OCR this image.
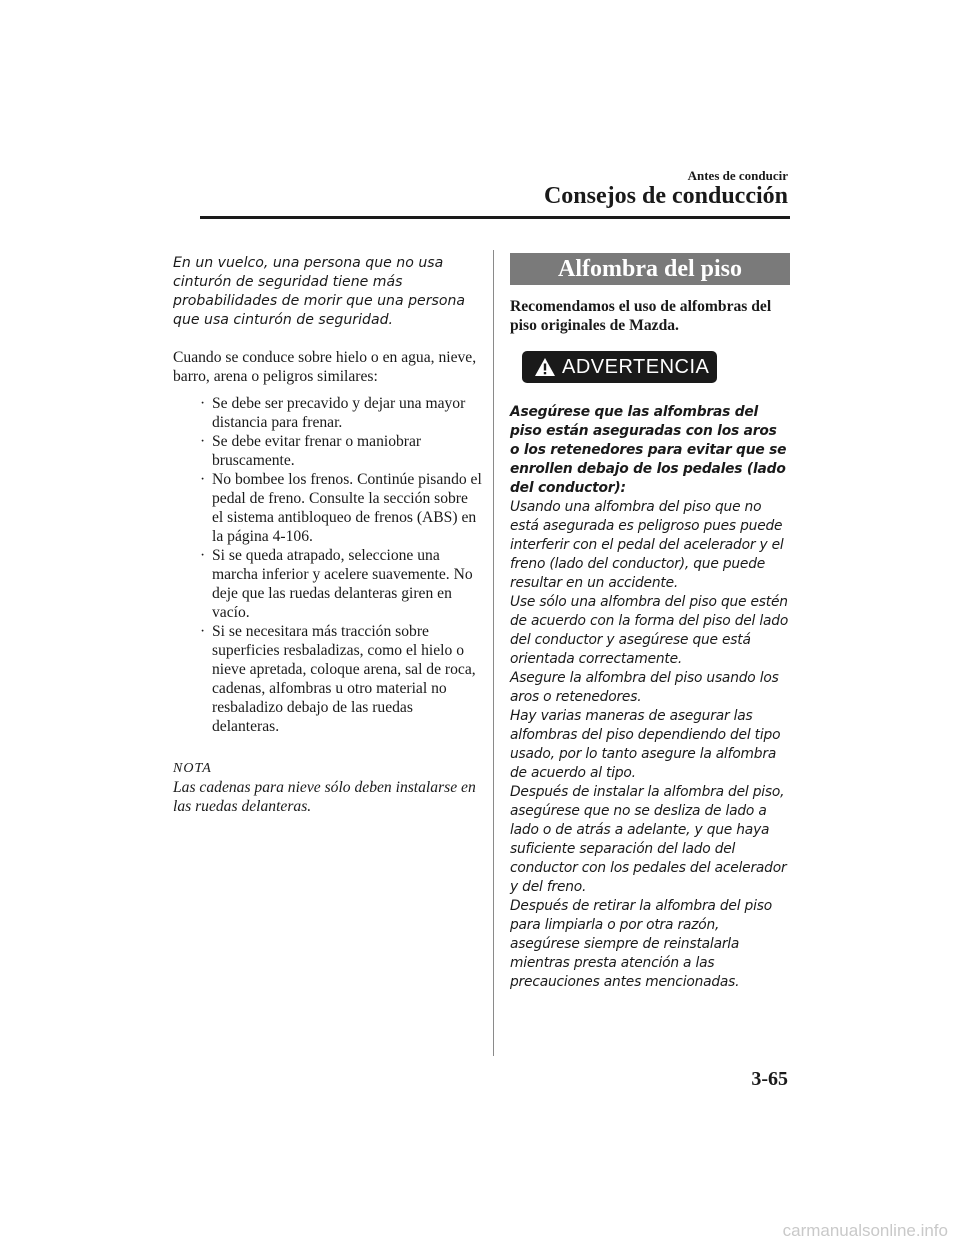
Antes de conducir
Consejos de conducción

En un vuelco, una persona que no usa cinturón de seguridad tiene más probabilidades de morir que una persona que usa cinturón de seguridad.

Cuando se conduce sobre hielo o en agua, nieve, barro, arena o peligros similares:

· Se debe ser precavido y dejar una mayor distancia para frenar.
· Se debe evitar frenar o maniobrar bruscamente.
· No bombee los frenos. Continúe pisando el pedal de freno. Consulte la sección sobre el sistema antibloqueo de frenos (ABS) en la página 4-106.
· Si se queda atrapado, seleccione una marcha inferior y acelere suavemente. No deje que las ruedas delanteras giren en vacío.
· Si se necesitara más tracción sobre superficies resbaladizas, como el hielo o nieve apretada, coloque arena, sal de roca, cadenas, alfombras u otro material no resbaladizo debajo de las ruedas delanteras.
NOTA
Las cadenas para nieve sólo deben instalarse en las ruedas delanteras.
Alfombra del piso

Recomendamos el uso de alfombras del piso originales de Mazda.

ADVERTENCIA

Asegúrese que las alfombras del piso están aseguradas con los aros o los retenedores para evitar que se enrollen debajo de los pedales (lado del conductor):

Usando una alfombra del piso que no está asegurada es peligroso pues puede interferir con el pedal del acelerador y el freno (lado del conductor), que puede resultar en un accidente.

Use sólo una alfombra del piso que estén de acuerdo con la forma del piso del lado del conductor y asegúrese que está orientada correctamente.

Asegure la alfombra del piso usando los aros o retenedores.

Hay varias maneras de asegurar las alfombras del piso dependiendo del tipo usado, por lo tanto asegure la alfombra de acuerdo al tipo.

Después de instalar la alfombra del piso, asegúrese que no se desliza de lado a lado o de atrás a adelante, y que haya suficiente separación del lado del conductor con los pedales del acelerador y del freno.

Después de retirar la alfombra del piso para limpiarla o por otra razón, asegúrese siempre de reinstalarla mientras presta atención a las precauciones antes mencionadas.

3-65
carmanualsonline.info
